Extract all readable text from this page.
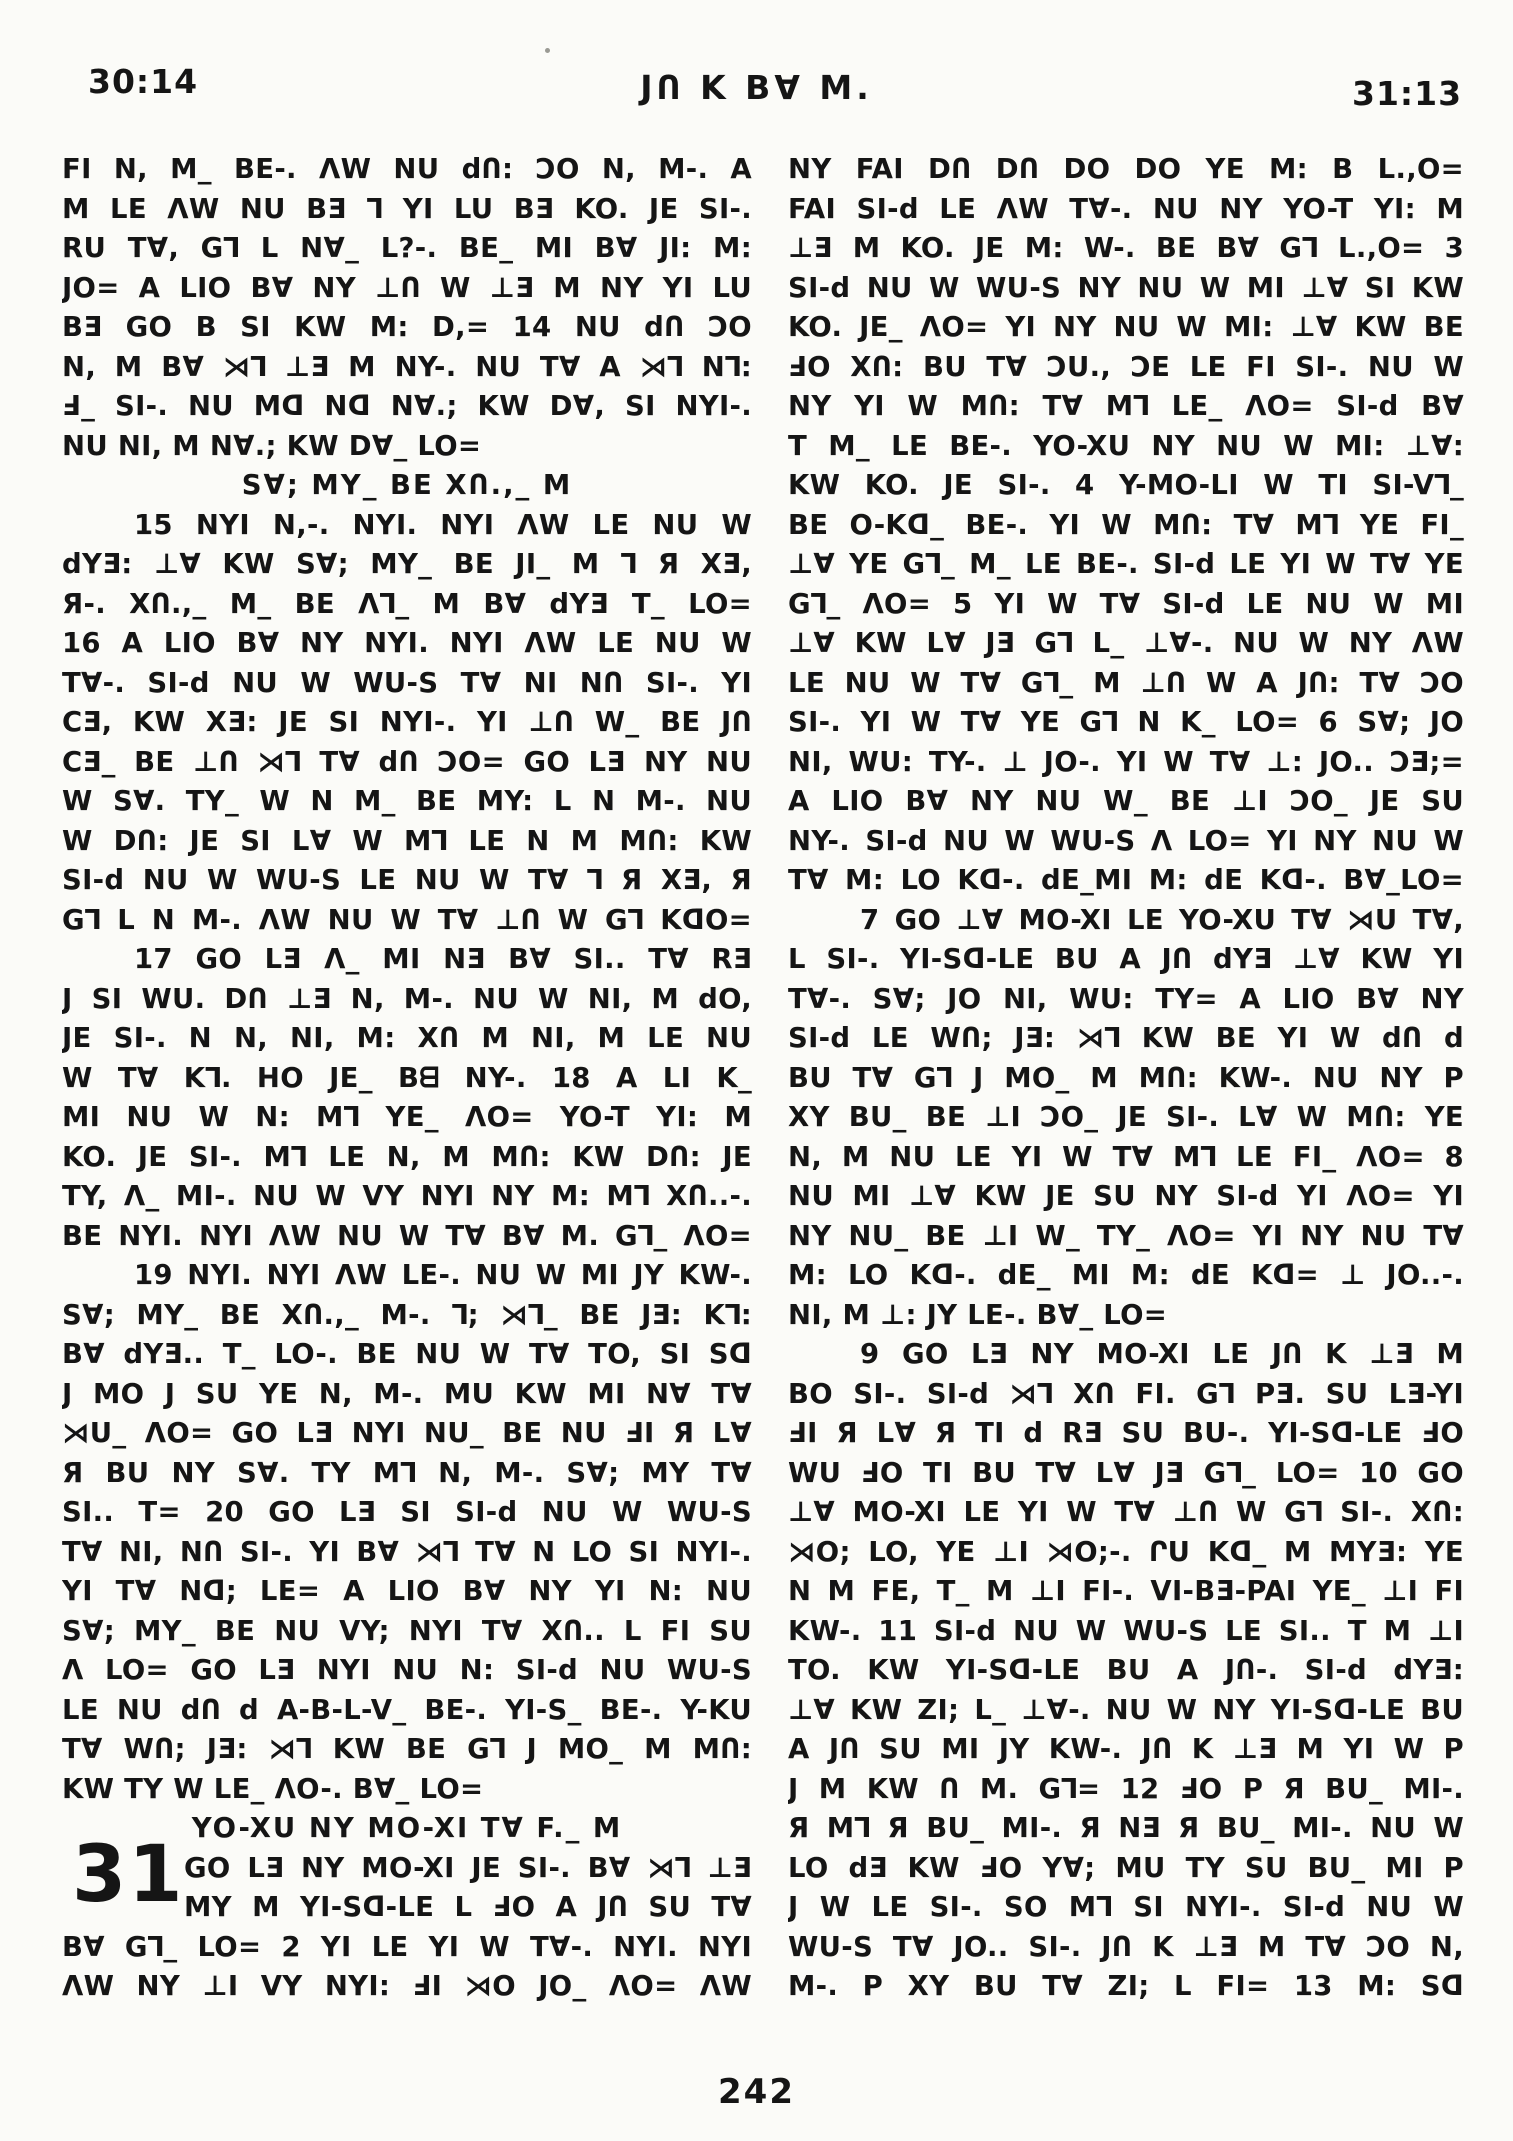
30:14	JՈ K B∀ M.	31:13
FI N, M_ BE-. ΛW NU dՈ: ƆO N, M-. A
M LE ΛW NU BƎ ⅂ YI LU BƎ KO. JE SI-.
RU T∀, G⅂ L N∀_ L?-. BE_ MI B∀ JI: M:
JO= A LIO B∀ NY ⊥Ո W ⊥Ǝ M NY YI LU
BƎ GO B SI KW M: D,= 14 NU dՈ ƆO
N, M B∀ ⋊⅂ ⊥Ǝ M NY-. NU T∀ A ⋊⅂ N⅂:
Ⅎ_ SI-. NU Mᗡ Nᗡ N∀.; KW D∀, SI NYI-.
NU NI, M N∀.; KW D∀_ LO=
S∀; MY_ BE XՈ.,_ M
15 NYI N,-. NYI. NYI ΛW LE NU W
dYƎ: ⊥∀ KW S∀; MY_ BE JI_ M ⅂ Я XƎ,
Я-. XՈ.,_ M_ BE Λ⅂_ M B∀ dYƎ T_ LO=
16 A LIO B∀ NY NYI. NYI ΛW LE NU W
T∀-. SI-d NU W WU-S T∀ NI NՈ SI-. YI
CƎ, KW XƎ: JE SI NYI-. YI ⊥Ո W_ BE JՈ
CƎ_ BE ⊥Ո ⋊⅂ T∀ dՈ ƆO= GO LƎ NY NU
W S∀. TY_ W N M_ BE MY: L N M-. NU
W DՈ: JE SI L∀ W M⅂ LE N M MՈ: KW
SI-d NU W WU-S LE NU W T∀ ⅂ Я XƎ, Я
G⅂ L N M-. ΛW NU W T∀ ⊥Ո W G⅂ KᗡO=
17 GO LƎ Λ_ MI NƎ B∀ SI.. T∀ RƎ
J SI WU. DՈ ⊥Ǝ N, M-. NU W NI, M dO,
JE SI-. N N, NI, M: XՈ M NI, M LE NU
W T∀ K⅂. HO JE_ Bᗺ NY-. 18 A LI K_
MI NU W N: M⅂ YE_ ΛO= YO-T YI: M
KO. JE SI-. M⅂ LE N, M MՈ: KW DՈ: JE
TY, Λ_ MI-. NU W VY NYI NY M: M⅂ XՈ..-.
BE NYI. NYI ΛW NU W T∀ B∀ M. G⅂_ ΛO=
19 NYI. NYI ΛW LE-. NU W MI JY KW-.
S∀; MY_ BE XՈ.,_ M-. ⅂; ⋊⅂_ BE JƎ: K⅂:
B∀ dYƎ.. T_ LO-. BE NU W T∀ TO, SI Sᗡ
J MO J SU YE N, M-. MU KW MI N∀ T∀
⋊U_ ΛO= GO LƎ NYI NU_ BE NU ℲI Я L∀
Я BU NY S∀. TY M⅂ N, M-. S∀; MY T∀
SI.. T= 20 GO LƎ SI SI-d NU W WU-S
T∀ NI, NՈ SI-. YI B∀ ⋊⅂ T∀ N LO SI NYI-.
YI T∀ Nᗡ; LE= A LIO B∀ NY YI N: NU
S∀; MY_ BE NU VY; NYI T∀ XՈ.. L FI SU
Λ LO= GO LƎ NYI NU N: SI-d NU WU-S
LE NU dՈ d A-B-L-V_ BE-. YI-S_ BE-. Y-KU
T∀ WՈ; JƎ: ⋊⅂ KW BE G⅂ J MO_ M MՈ:
KW TY W LE_ ΛO-. B∀_ LO=
YO-XU NY MO-XI T∀ F._ M
GO LƎ NY MO-XI JE SI-. B∀ ⋊⅂ ⊥Ǝ
MY M YI-Sᗡ-LE L ℲO A JՈ SU T∀
B∀ G⅂_ LO= 2 YI LE YI W T∀-. NYI. NYI
ΛW NY ⊥I VY NYI: ℲI ⋊O JO_ ΛO= ΛW
NY FAI DՈ DՈ DO DO YE M: B L.,O=
FAI SI-d LE ΛW T∀-. NU NY YO-T YI: M
⊥Ǝ M KO. JE M: W-. BE B∀ G⅂ L.,O= 3
SI-d NU W WU-S NY NU W MI ⊥∀ SI KW
KO. JE_ ΛO= YI NY NU W MI: ⊥∀ KW BE
ℲO XՈ: BU T∀ ƆU., ƆE LE FI SI-. NU W
NY YI W MՈ: T∀ M⅂ LE_ ΛO= SI-d B∀
T M_ LE BE-. YO-XU NY NU W MI: ⊥∀:
KW KO. JE SI-. 4 Y-MO-LI W TI SI-V⅂_
BE O-Kᗡ_ BE-. YI W MՈ: T∀ M⅂ YE FI_
⊥∀ YE G⅂_ M_ LE BE-. SI-d LE YI W T∀ YE
G⅂_ ΛO= 5 YI W T∀ SI-d LE NU W MI
⊥∀ KW L∀ JƎ G⅂ L_ ⊥∀-. NU W NY ΛW
LE NU W T∀ G⅂_ M ⊥Ո W A JՈ: T∀ ƆO
SI-. YI W T∀ YE G⅂ N K_ LO= 6 S∀; JO
NI, WU: TY-. ⊥ JO-. YI W T∀ ⊥: JO.. ƆƎ;=
A LIO B∀ NY NU W_ BE ⊥I ƆO_ JE SU
NY-. SI-d NU W WU-S Λ LO= YI NY NU W
T∀ M: LO Kᗡ-. dE_MI M: dE Kᗡ-. B∀_LO=
7 GO ⊥∀ MO-XI LE YO-XU T∀ ⋊U T∀,
L SI-. YI-Sᗡ-LE BU A JՈ dYƎ ⊥∀ KW YI
T∀-. S∀; JO NI, WU: TY= A LIO B∀ NY
SI-d LE WՈ; JƎ: ⋊⅂ KW BE YI W dՈ d
BU T∀ G⅂ J MO_ M MՈ: KW-. NU NY P
XY BU_ BE ⊥I ƆO_ JE SI-. L∀ W MՈ: YE
N, M NU LE YI W T∀ M⅂ LE FI_ ΛO= 8
NU MI ⊥∀ KW JE SU NY SI-d YI ΛO= YI
NY NU_ BE ⊥I W_ TY_ ΛO= YI NY NU T∀
M: LO Kᗡ-. dE_ MI M: dE Kᗡ= ⊥ JO..-.
NI, M ⊥: JY LE-. B∀_ LO=
9 GO LƎ NY MO-XI LE JՈ K ⊥Ǝ M
BO SI-. SI-d ⋊⅂ XՈ FI. G⅂ PƎ. SU LƎ-YI
ℲI Я L∀ Я TI d RƎ SU BU-. YI-Sᗡ-LE ℲO
WU ℲO TI BU T∀ L∀ JƎ G⅂_ LO= 10 GO
⊥∀ MO-XI LE YI W T∀ ⊥Ո W G⅂ SI-. XՈ:
⋊O; LO, YE ⊥I ⋊O;-. ՐU Kᗡ_ M MYƎ: YE
N M FE, T_ M ⊥I FI-. VI-BƎ-PAI YE_ ⊥I FI
KW-. 11 SI-d NU W WU-S LE SI.. T M ⊥I
TO. KW YI-Sᗡ-LE BU A JՈ-. SI-d dYƎ:
⊥∀ KW ZI; L_ ⊥∀-. NU W NY YI-Sᗡ-LE BU
A JՈ SU MI JY KW-. JՈ K ⊥Ǝ M YI W P
J M KW Ո M. G⅂= 12 ℲO P Я BU_ MI-.
Я M⅂ Я BU_ MI-. Я NƎ Я BU_ MI-. NU W
LO dƎ KW ℲO Y∀; MU TY SU BU_ MI P
J W LE SI-. SO M⅂ SI NYI-. SI-d NU W
WU-S T∀ JO.. SI-. JՈ K ⊥Ǝ M T∀ ƆO N,
M-. P XY BU T∀ ZI; L FI= 13 M: Sᗡ
31
242
